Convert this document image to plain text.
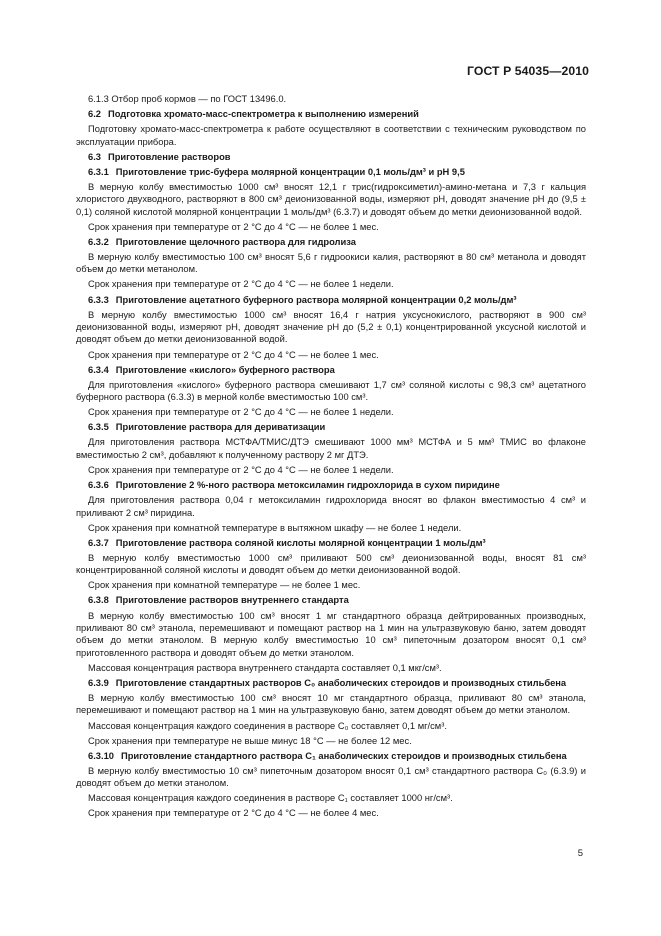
ГОСТ Р 54035—2010
6.1.3 Отбор проб кормов — по ГОСТ 13496.0.
6.2 Подготовка хромато-масс-спектрометра к выполнению измерений
Подготовку хромато-масс-спектрометра к работе осуществляют в соответствии с техническим руководством по эксплуатации прибора.
6.3 Приготовление растворов
6.3.1 Приготовление трис-буфера молярной концентрации 0,1 моль/дм³ и рН 9,5
В мерную колбу вместимостью 1000 см³ вносят 12,1 г трис(гидроксиметил)-амино-метана и 7,3 г кальция хлористого двухводного, растворяют в 800 см³ деионизованной воды, измеряют рН, доводят значение рН до (9,5 ± 0,1) соляной кислотой молярной концентрации 1 моль/дм³ (6.3.7) и доводят объем до метки деионизованной водой.
Срок хранения при температуре от 2 °С до 4 °С — не более 1 мес.
6.3.2 Приготовление щелочного раствора для гидролиза
В мерную колбу вместимостью 100 см³ вносят 5,6 г гидроокиси калия, растворяют в 80 см³ метанола и доводят объем до метки метанолом.
Срок хранения при температуре от 2 °С до 4 °С — не более 1 недели.
6.3.3 Приготовление ацетатного буферного раствора молярной концентрации 0,2 моль/дм³
В мерную колбу вместимостью 1000 см³ вносят 16,4 г натрия уксуснокислого, растворяют в 900 см³ деионизованной воды, измеряют рН, доводят значение рН до (5,2 ± 0,1) концентрированной уксусной кислотой и доводят объем до метки деионизованной водой.
Срок хранения при температуре от 2 °С до 4 °С — не более 1 мес.
6.3.4 Приготовление «кислого» буферного раствора
Для приготовления «кислого» буферного раствора смешивают 1,7 см³ соляной кислоты с 98,3 см³ ацетатного буферного раствора (6.3.3) в мерной колбе вместимостью 100 см³.
Срок хранения при температуре от 2 °С до 4 °С — не более 1 недели.
6.3.5 Приготовление раствора для дериватизации
Для приготовления раствора МСТФА/ТМИС/ДТЭ смешивают 1000 мм³ МСТФА и 5 мм³ ТМИС во флаконе вместимостью 2 см³, добавляют к полученному раствору 2 мг ДТЭ.
Срок хранения при температуре от 2 °С до 4 °С — не более 1 недели.
6.3.6 Приготовление 2 %-ного раствора метоксиламин гидрохлорида в сухом пиридине
Для приготовления раствора 0,04 г метоксиламин гидрохлорида вносят во флакон вместимостью 4 см³ и приливают 2 см³ пиридина.
Срок хранения при комнатной температуре в вытяжном шкафу — не более 1 недели.
6.3.7 Приготовление раствора соляной кислоты молярной концентрации 1 моль/дм³
В мерную колбу вместимостью 1000 см³ приливают 500 см³ деионизованной воды, вносят 81 см³ концентрированной соляной кислоты и доводят объем до метки деионизованной водой.
Срок хранения при комнатной температуре — не более 1 мес.
6.3.8 Приготовление растворов внутреннего стандарта
В мерную колбу вместимостью 100 см³ вносят 1 мг стандартного образца дейтрированных производных, приливают 80 см³ этанола, перемешивают и помещают раствор на 1 мин на ультразвуковую баню, затем доводят объем до метки этанолом. В мерную колбу вместимостью 10 см³ пипеточным дозатором вносят 0,1 см³ приготовленного раствора и доводят объем до метки этанолом.
Массовая концентрация раствора внутреннего стандарта составляет 0,1 мкг/см³.
6.3.9 Приготовление стандартных растворов C₀ анаболических стероидов и производных стильбена
В мерную колбу вместимостью 100 см³ вносят 10 мг стандартного образца, приливают 80 см³ этанола, перемешивают и помещают раствор на 1 мин на ультразвуковую баню, затем доводят объем до метки этанолом.
Массовая концентрация каждого соединения в растворе C₀ составляет 0,1 мг/см³.
Срок хранения при температуре не выше минус 18 °С — не более 12 мес.
6.3.10 Приготовление стандартного раствора C₁ анаболических стероидов и производных стильбена
В мерную колбу вместимостью 10 см³ пипеточным дозатором вносят 0,1 см³ стандартного раствора C₀ (6.3.9) и доводят объем до метки этанолом.
Массовая концентрация каждого соединения в растворе C₁ составляет 1000 нг/см³.
Срок хранения при температуре от 2 °С до 4 °С — не более 4 мес.
5
